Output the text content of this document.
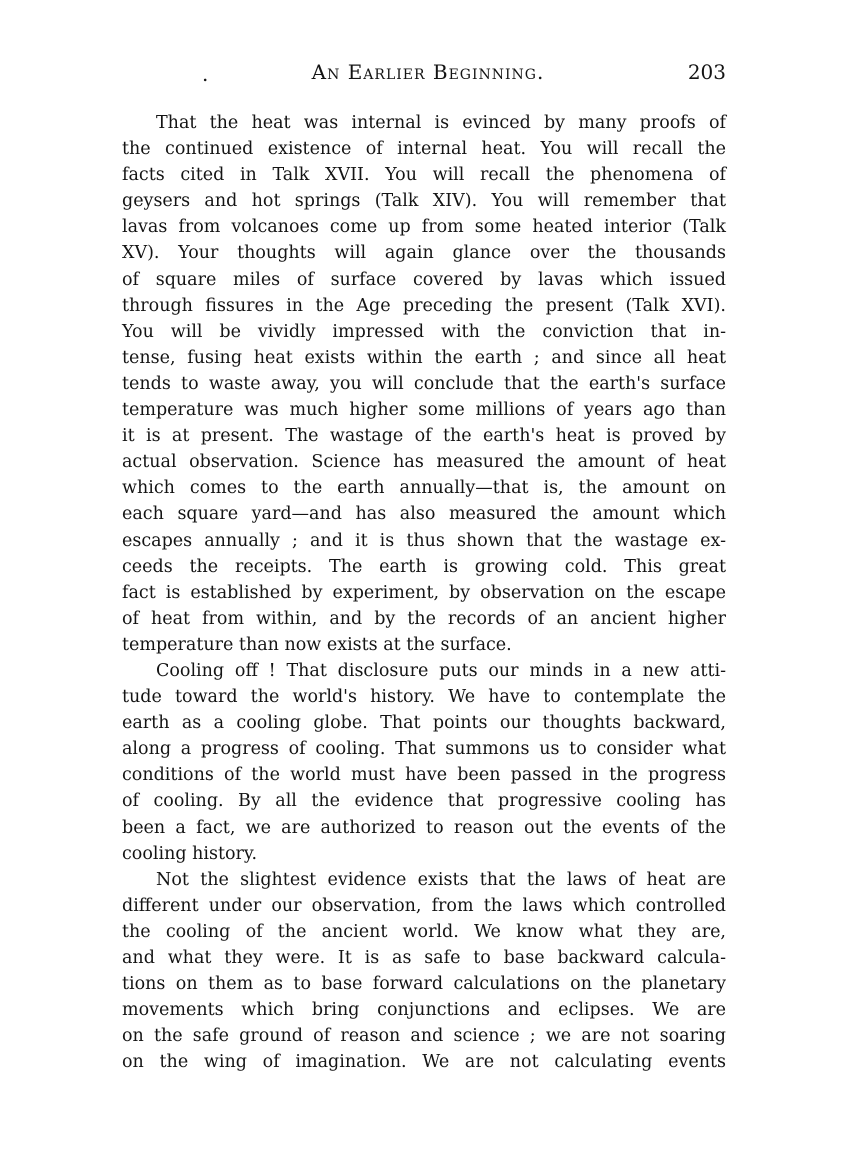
.	An Earlier Beginning.	203
That the heat was internal is evinced by many proofs of
the continued existence of internal heat. You will recall the
facts cited in Talk XVII. You will recall the phenomena of
geysers and hot springs (Talk XIV). You will remember that
lavas from volcanoes come up from some heated interior (Talk
XV). Your thoughts will again glance over the thousands
of square miles of surface covered by lavas which issued
through fissures in the Age preceding the present (Talk XVI).
You will be vividly impressed with the conviction that in-
tense, fusing heat exists within the earth ; and since all heat
tends to waste away, you will conclude that the earth's surface
temperature was much higher some millions of years ago than
it is at present. The wastage of the earth's heat is proved by
actual observation. Science has measured the amount of heat
which comes to the earth annually—that is, the amount on
each square yard—and has also measured the amount which
escapes annually ; and it is thus shown that the wastage ex-
ceeds the receipts. The earth is growing cold. This great
fact is established by experiment, by observation on the escape
of heat from within, and by the records of an ancient higher
temperature than now exists at the surface.
Cooling off ! That disclosure puts our minds in a new atti-
tude toward the world's history. We have to contemplate the
earth as a cooling globe. That points our thoughts backward,
along a progress of cooling. That summons us to consider what
conditions of the world must have been passed in the progress
of cooling. By all the evidence that progressive cooling has
been a fact, we are authorized to reason out the events of the
cooling history.
Not the slightest evidence exists that the laws of heat are
different under our observation, from the laws which controlled
the cooling of the ancient world. We know what they are,
and what they were. It is as safe to base backward calcula-
tions on them as to base forward calculations on the planetary
movements which bring conjunctions and eclipses. We are
on the safe ground of reason and science ; we are not soaring
on the wing of imagination. We are not calculating events
